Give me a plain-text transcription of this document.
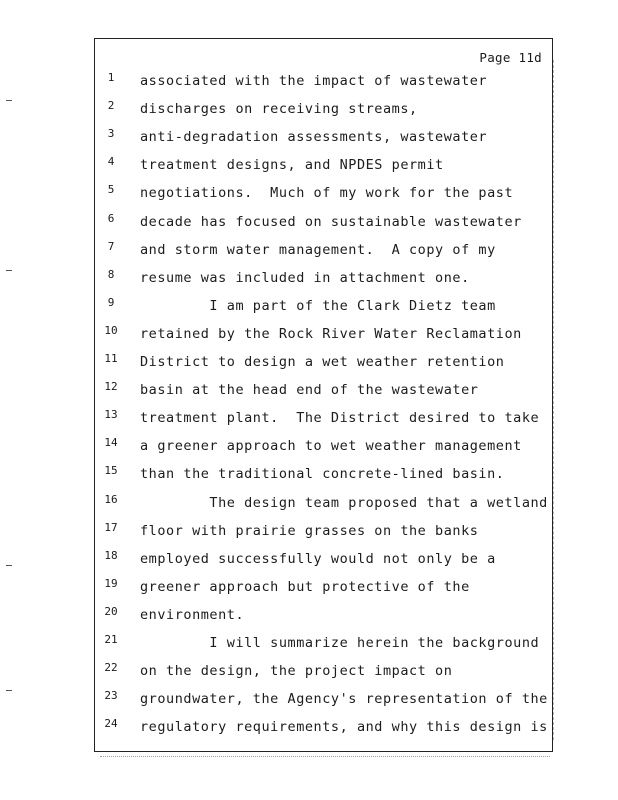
Page 11d
1	associated with the impact of wastewater
2	discharges on receiving streams,
3	anti-degradation assessments, wastewater
4	treatment designs, and NPDES permit
5	negotiations.  Much of my work for the past
6	decade has focused on sustainable wastewater
7	and storm water management.  A copy of my
8	resume was included in attachment one.
9	I am part of the Clark Dietz team
10	retained by the Rock River Water Reclamation
11	District to design a wet weather retention
12	basin at the head end of the wastewater
13	treatment plant.  The District desired to take
14	a greener approach to wet weather management
15	than the traditional concrete-lined basin.
16	The design team proposed that a wetland
17	floor with prairie grasses on the banks
18	employed successfully would not only be a
19	greener approach but protective of the
20	environment.
21	I will summarize herein the background
22	on the design, the project impact on
23	groundwater, the Agency's representation of the
24	regulatory requirements, and why this design is
